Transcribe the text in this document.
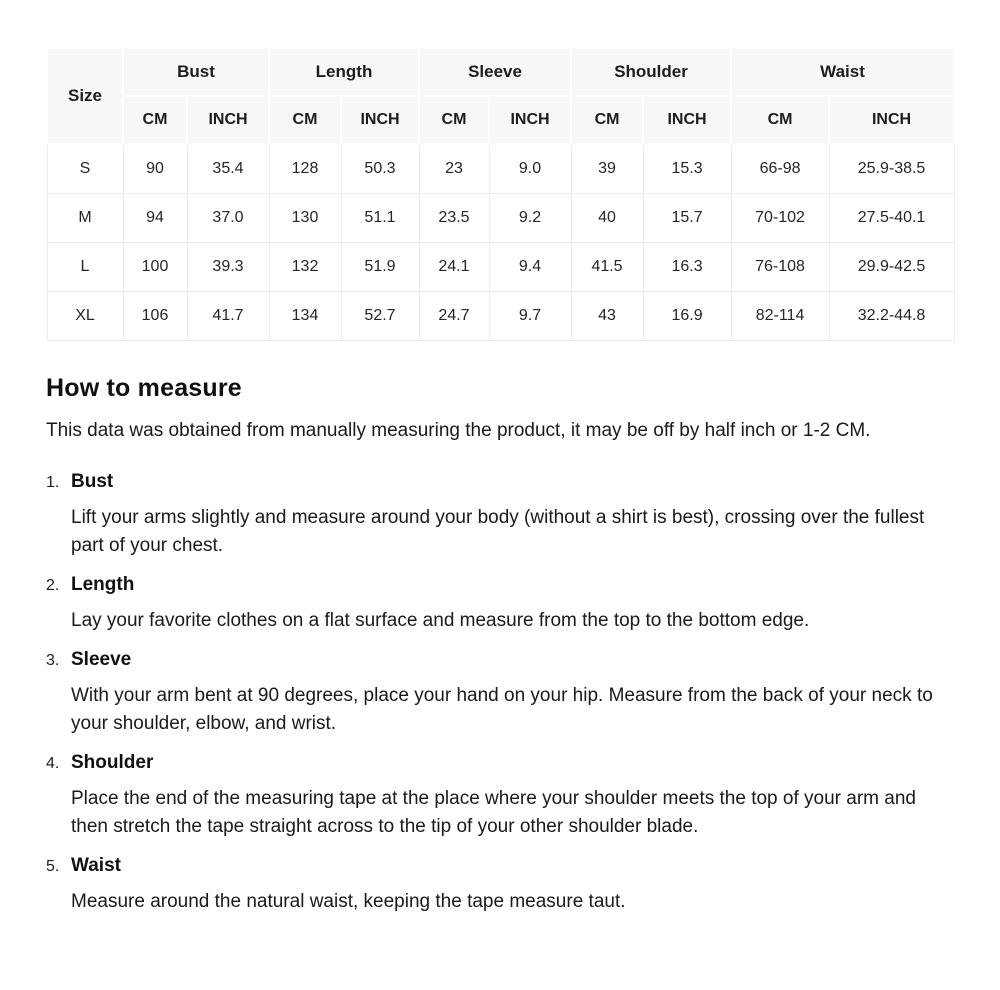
Size	Bust		Length		Sleeve		Shoulder		Waist	
	CM	INCH	CM	INCH	CM	INCH	CM	INCH	CM	INCH
S	90	35.4	128	50.3	23	9.0	39	15.3	66-98	25.9-38.5
M	94	37.0	130	51.1	23.5	9.2	40	15.7	70-102	27.5-40.1
L	100	39.3	132	51.9	24.1	9.4	41.5	16.3	76-108	29.9-42.5
XL	106	41.7	134	52.7	24.7	9.7	43	16.9	82-114	32.2-44.8
How to measure

This data was obtained from manually measuring the product, it may be off by half inch or 1-2 CM.

1. Bust
Lift your arms slightly and measure around your body (without a shirt is best), crossing over the fullest part of your chest.
2. Length
Lay your favorite clothes on a flat surface and measure from the top to the bottom edge.
3. Sleeve
With your arm bent at 90 degrees, place your hand on your hip. Measure from the back of your neck to your shoulder, elbow, and wrist.
4. Shoulder
Place the end of the measuring tape at the place where your shoulder meets the top of your arm and then stretch the tape straight across to the tip of your other shoulder blade.
5. Waist
Measure around the natural waist, keeping the tape measure taut.
